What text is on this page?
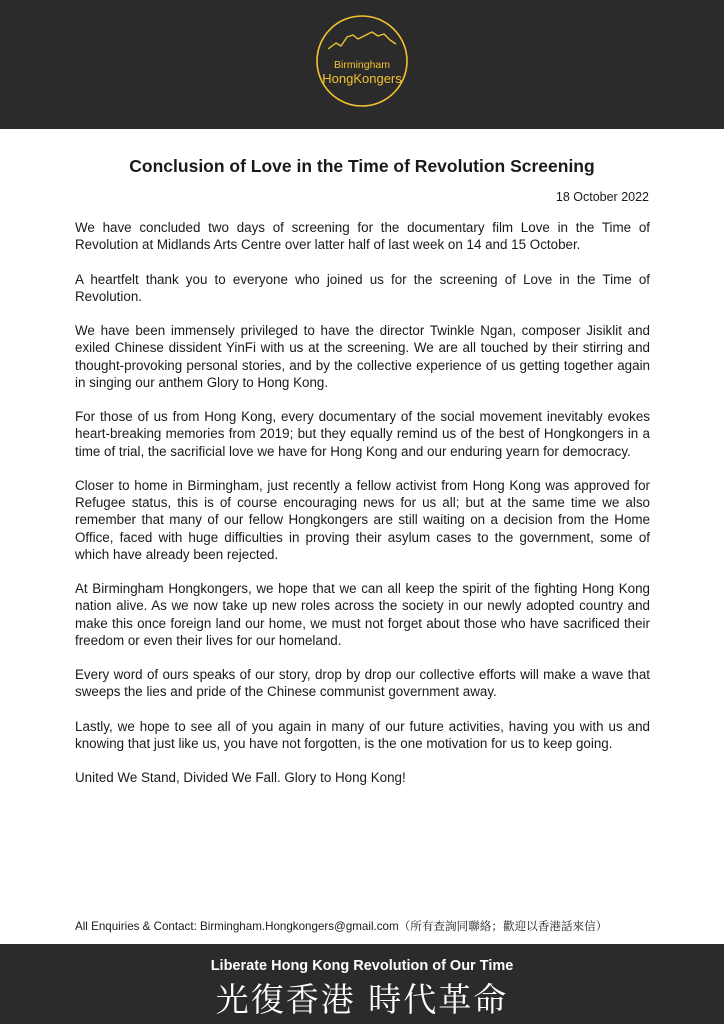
Birmingham
HongKongers
Conclusion of Love in the Time of Revolution Screening
18 October 2022

We have concluded two days of screening for the documentary film Love in the Time of Revolution at Midlands Arts Centre over latter half of last week on 14 and 15 October.

A heartfelt thank you to everyone who joined us for the screening of Love in the Time of Revolution.

We have been immensely privileged to have the director Twinkle Ngan, composer Jisiklit and exiled Chinese dissident YinFi with us at the screening. We are all touched by their stirring and thought-provoking personal stories, and by the collective experience of us getting together again in singing our anthem Glory to Hong Kong.

For those of us from Hong Kong, every documentary of the social movement inevitably evokes heart-breaking memories from 2019; but they equally remind us of the best of Hongkongers in a time of trial, the sacrificial love we have for Hong Kong and our enduring yearn for democracy.

Closer to home in Birmingham, just recently a fellow activist from Hong Kong was approved for Refugee status, this is of course encouraging news for us all; but at the same time we also remember that many of our fellow Hongkongers are still waiting on a decision from the Home Office, faced with huge difficulties in proving their asylum cases to the government, some of which have already been rejected.

At Birmingham Hongkongers, we hope that we can all keep the spirit of the fighting Hong Kong nation alive. As we now take up new roles across the society in our newly adopted country and make this once foreign land our home, we must not forget about those who have sacrificed their freedom or even their lives for our homeland.

Every word of ours speaks of our story, drop by drop our collective efforts will make a wave that sweeps the lies and pride of the Chinese communist government away.

Lastly, we hope to see all of you again in many of our future activities, having you with us and knowing that just like us, you have not forgotten, is the one motivation for us to keep going.

United We Stand, Divided We Fall. Glory to Hong Kong!

All Enquiries & Contact: Birmingham.Hongkongers@gmail.com（所有查詢同聯絡；歡迎以香港話來信）
Liberate Hong Kong Revolution of Our Time
光復香港 時代革命
